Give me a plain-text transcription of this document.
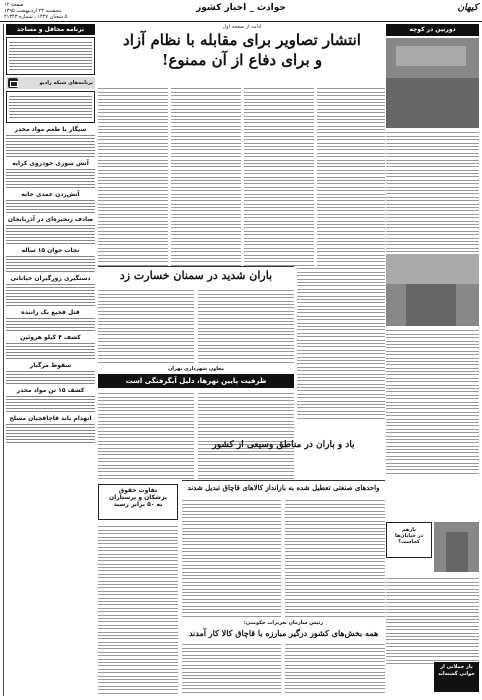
کیهان
حوادث _ اخبار کشور
صفحه ۱۲
پنجشنبه ۲۳ اردیبهشت ۱۳۹۵
۵ شعبان ۱۴۳۷ ـ شماره ۲۱۳۴۳
برنامه محافل و مساجد
برنامه‌های شبکه رادیو
سیگار با طعم مواد مخدر
آتش سوزی خودروی کرایه
آتش‌زدن عمدی خانه
صادف زنجیره‌ای در آذربایجان
نجات جوان ۱۵ ساله
دستگیری زورگیران خیابانی
قتل فجیع یک راننده
کشف ۴ کیلو هروئین
سقوط مرگبار
کشف ۱۵ تن مواد مخدر
انهدام باند قاچاقچیان مسلح
ادامه از صفحه اول
انتشار تصاویر برای مقابله با نظام آزاد
و برای دفاع از آن ممنوع!
باران شدید در سمنان خسارت زد
معاون شهرداری تهران
ظرفیت پایین نهرها، دلیل آبگرفتگی است
تفاوت حقوق
پزشکان و پرستاران
به ۵۰ برابر رسید
باد و باران در مناطق وسیعی از کشور
واحدهای صنعتی تعطیل شده به بازانداز کالاهای قاچاق تبدیل شدند
رئیس سازمان تعزیرات حکومتی:
همه بخش‌های کشور درگیر مبارزه با قاچاق کالا کار آمدند
دوربین در کوچه
بازهم
در خیابان‌ها
کجاست؟
باز جملاتی از جوانی گشته‌اند
